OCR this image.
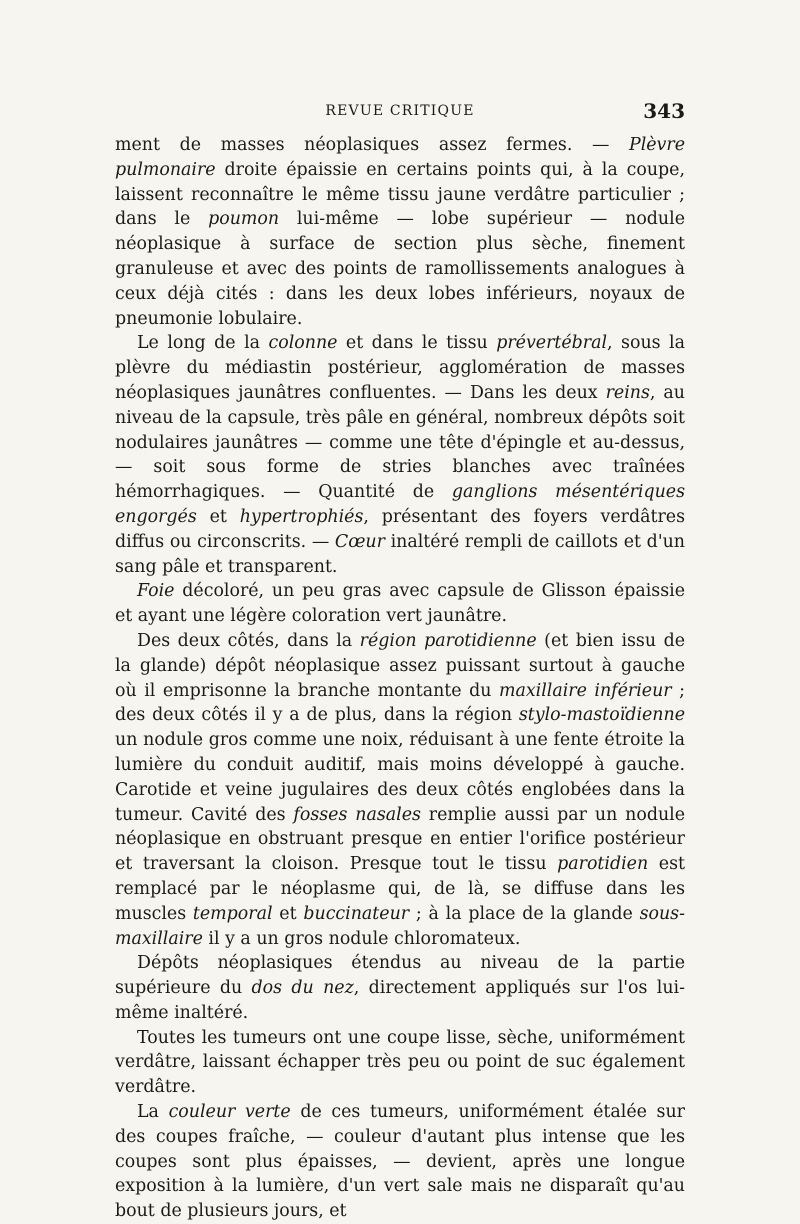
REVUE CRITIQUE	343

ment de masses néoplasiques assez fermes. — Plèvre pulmonaire droite épaissie en certains points qui, à la coupe, laissent reconnaître le même tissu jaune verdâtre particulier ; dans le poumon lui-même — lobe supérieur — nodule néoplasique à surface de section plus sèche, finement granuleuse et avec des points de ramollissements analogues à ceux déjà cités : dans les deux lobes inférieurs, noyaux de pneumonie lobulaire.

Le long de la colonne et dans le tissu prévertébral, sous la plèvre du médiastin postérieur, agglomération de masses néoplasiques jaunâtres confluentes. — Dans les deux reins, au niveau de la capsule, très pâle en général, nombreux dépôts soit nodulaires jaunâtres — comme une tête d'épingle et au-dessus, — soit sous forme de stries blanches avec traînées hémorrhagiques. — Quantité de ganglions mésentériques engorgés et hypertrophiés, présentant des foyers verdâtres diffus ou circonscrits. — Cœur inaltéré rempli de caillots et d'un sang pâle et transparent.

Foie décoloré, un peu gras avec capsule de Glisson épaissie et ayant une légère coloration vert jaunâtre.

Des deux côtés, dans la région parotidienne (et bien issu de la glande) dépôt néoplasique assez puissant surtout à gauche où il emprisonne la branche montante du maxillaire inférieur ; des deux côtés il y a de plus, dans la région stylo-mastoïdienne un nodule gros comme une noix, réduisant à une fente étroite la lumière du conduit auditif, mais moins développé à gauche. Carotide et veine jugulaires des deux côtés englobées dans la tumeur. Cavité des fosses nasales remplie aussi par un nodule néoplasique en obstruant presque en entier l'orifice postérieur et traversant la cloison. Presque tout le tissu parotidien est remplacé par le néoplasme qui, de là, se diffuse dans les muscles temporal et buccinateur ; à la place de la glande sous-maxillaire il y a un gros nodule chloromateux.

Dépôts néoplasiques étendus au niveau de la partie supérieure du dos du nez, directement appliqués sur l'os lui-même inaltéré.

Toutes les tumeurs ont une coupe lisse, sèche, uniformément verdâtre, laissant échapper très peu ou point de suc également verdâtre.

La couleur verte de ces tumeurs, uniformément étalée sur des coupes fraîche, — couleur d'autant plus intense que les coupes sont plus épaisses, — devient, après une longue exposition à la lumière, d'un vert sale mais ne disparaît qu'au bout de plusieurs jours, et
